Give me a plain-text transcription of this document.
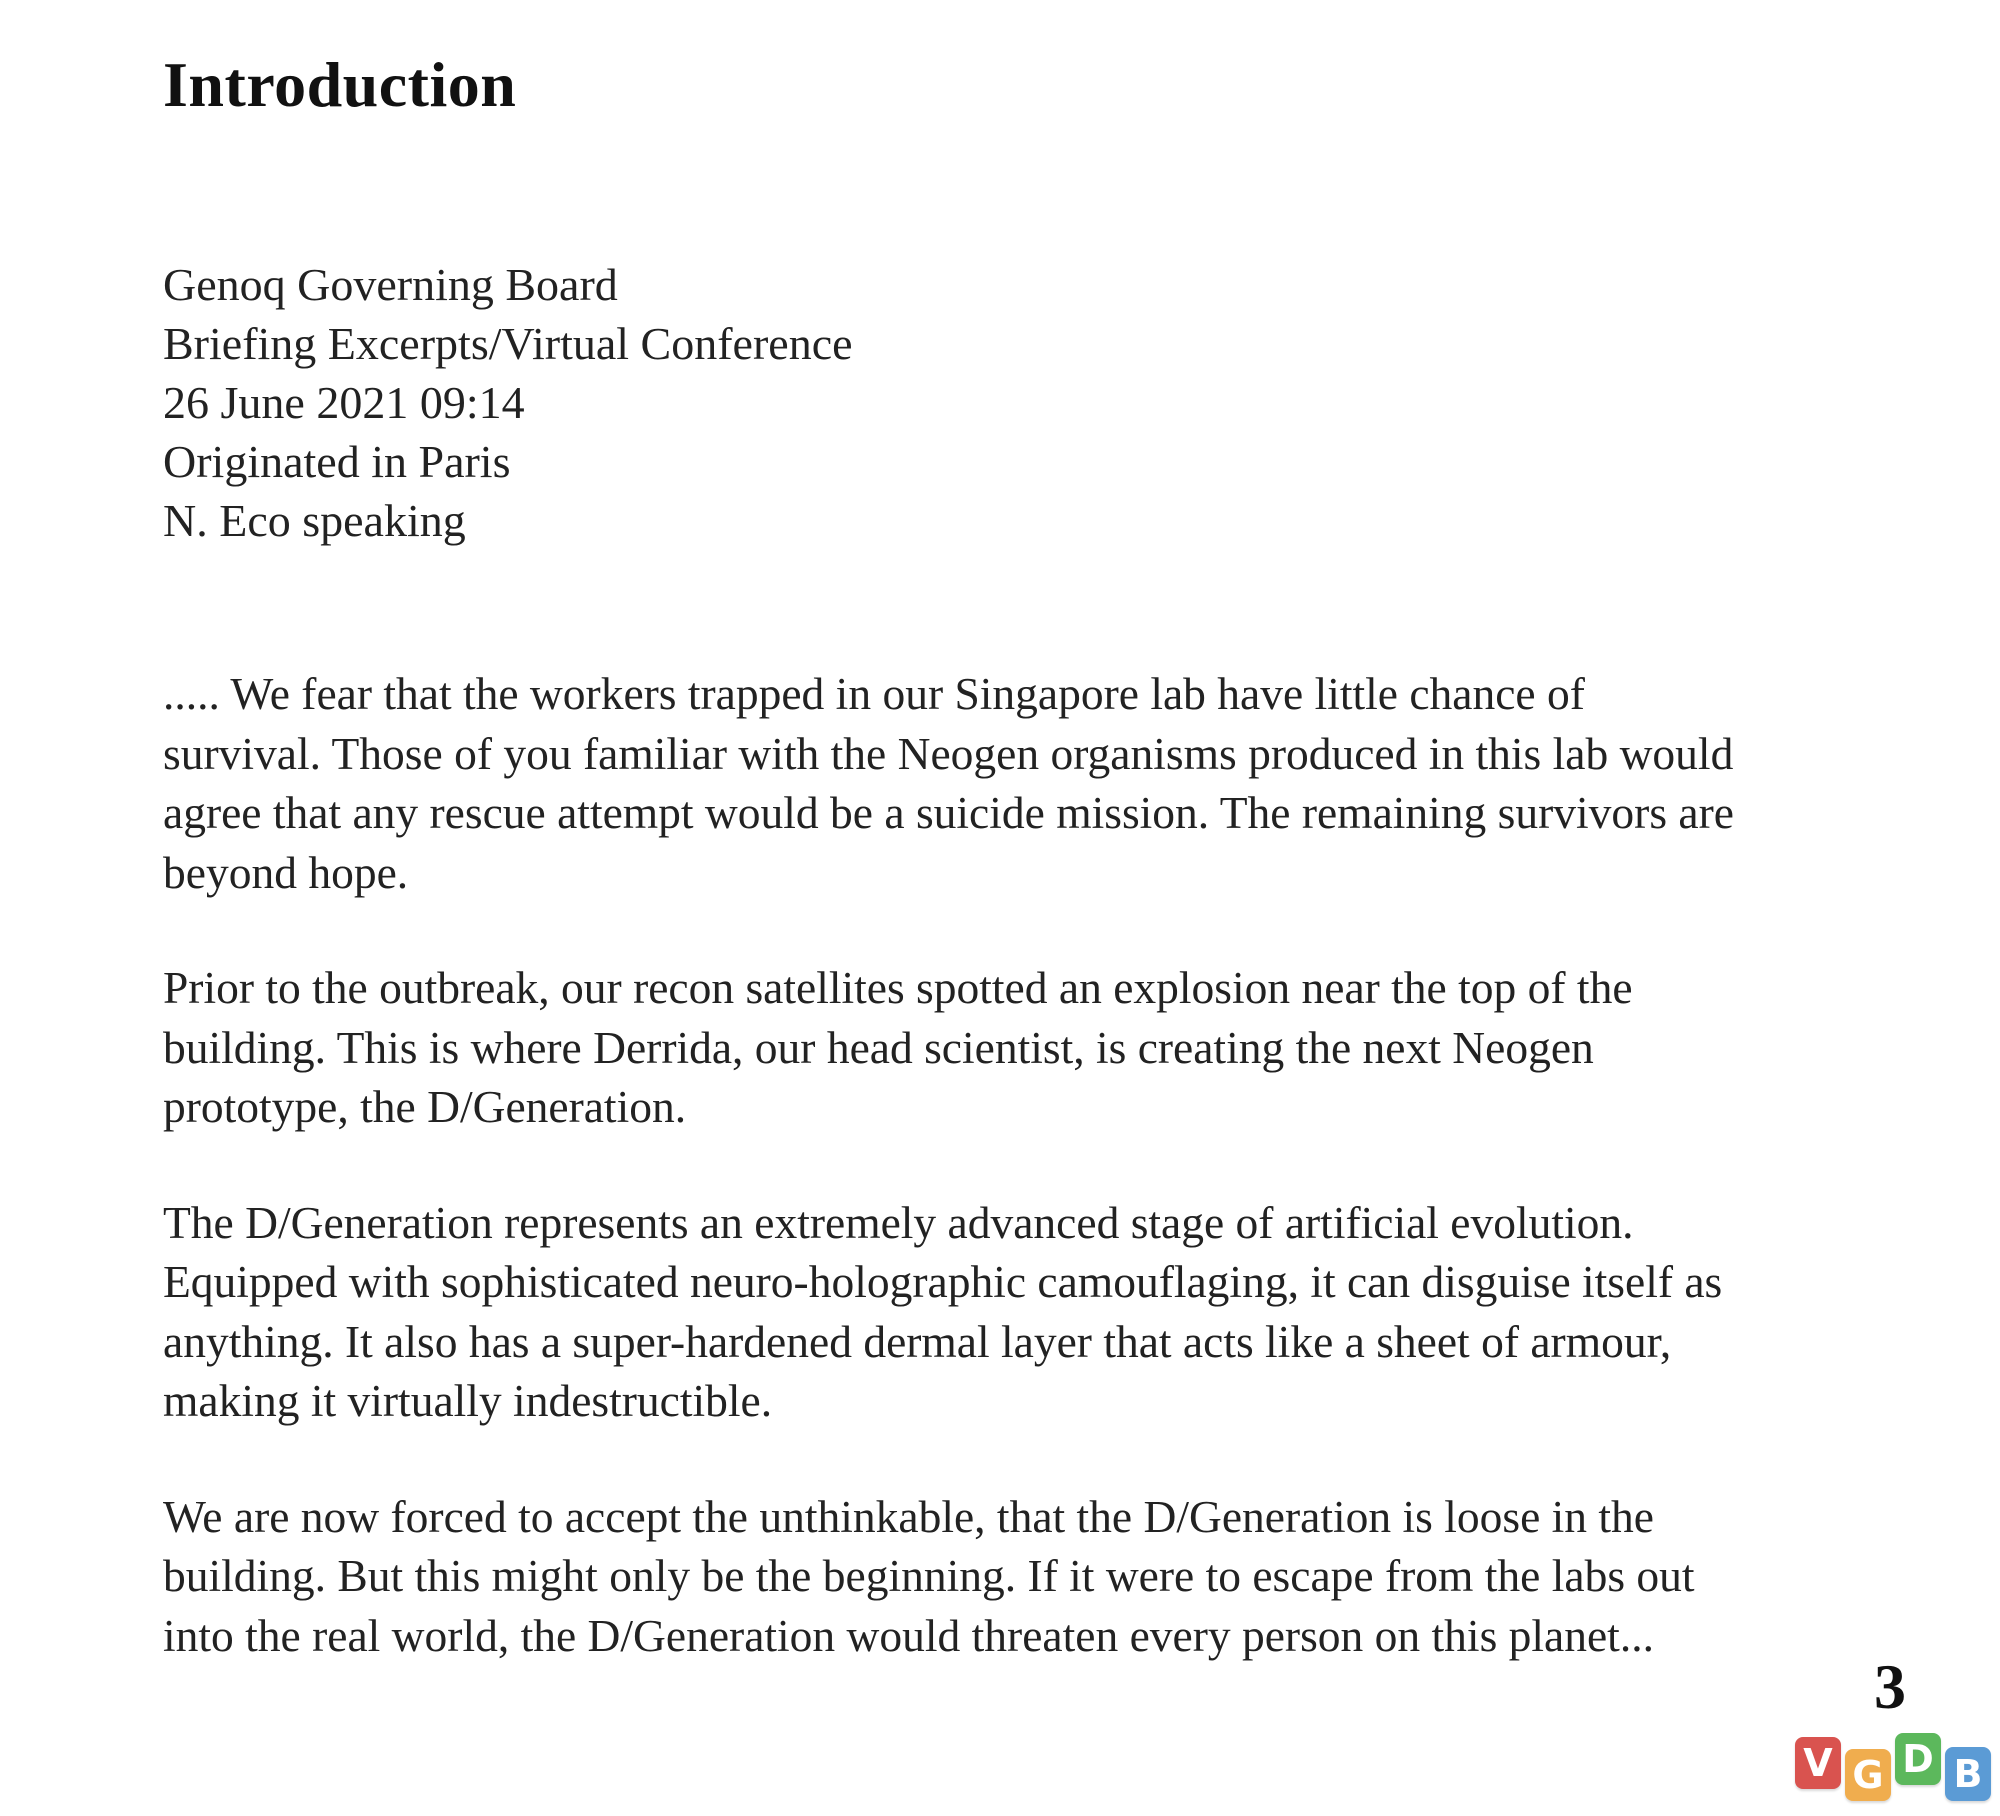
Introduction
Genoq Governing Board
Briefing Excerpts/Virtual Conference
26 June 2021 09:14
Originated in Paris
N. Eco speaking

..... We fear that the workers trapped in our Singapore lab have little chance of
survival. Those of you familiar with the Neogen organisms produced in this lab would
agree that any rescue attempt would be a suicide mission. The remaining survivors are
beyond hope.

Prior to the outbreak, our recon satellites spotted an explosion near the top of the
building. This is where Derrida, our head scientist, is creating the next Neogen
prototype, the D/Generation.

The D/Generation represents an extremely advanced stage of artificial evolution.
Equipped with sophisticated neuro-holographic camouflaging, it can disguise itself as
anything. It also has a super-hardened dermal layer that acts like a sheet of armour,
making it virtually indestructible.

We are now forced to accept the unthinkable, that the D/Generation is loose in the
building. But this might only be the beginning. If it were to escape from the labs out
into the real world, the D/Generation would threaten every person on this planet...

3
V G D B
